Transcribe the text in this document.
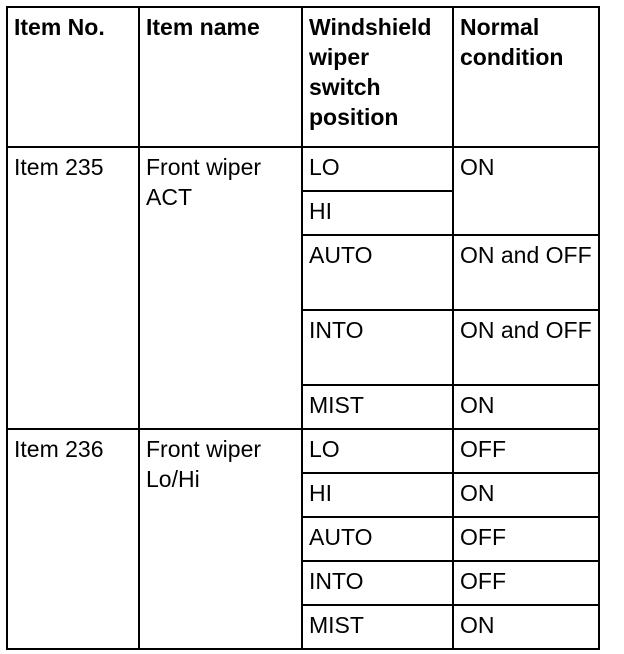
Item No.	Item name	Windshield wiper switch position	Normal condition
Item 235	Front wiper ACT	LO	ON
		HI	
		AUTO	ON and OFF
		INTO	ON and OFF
		MIST	ON
Item 236	Front wiper Lo/Hi	LO	OFF
		HI	ON
		AUTO	OFF
		INTO	OFF
		MIST	ON
